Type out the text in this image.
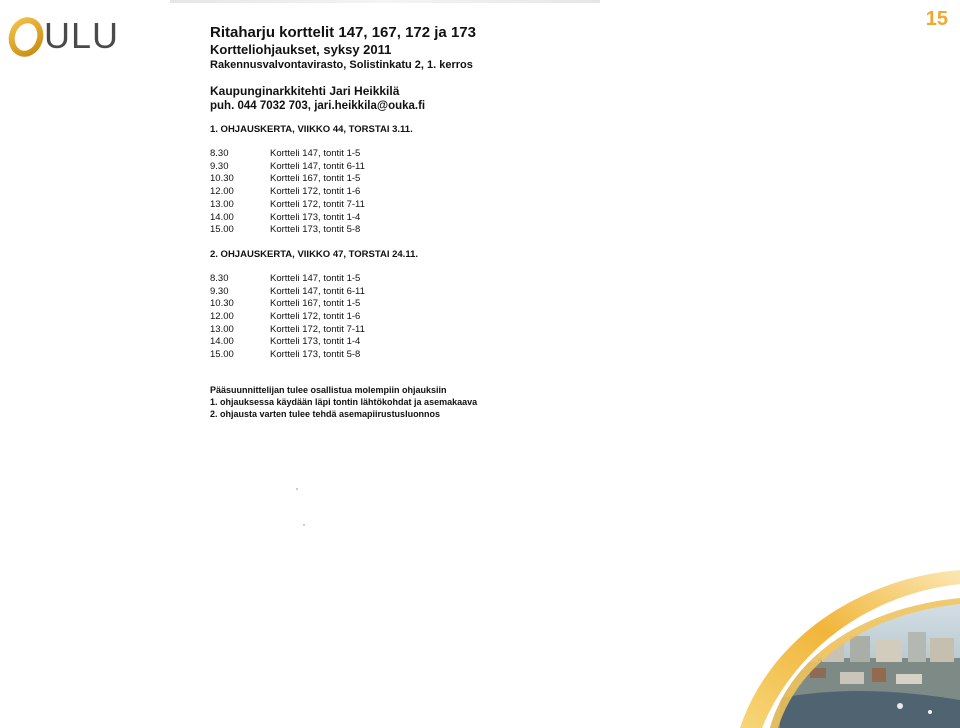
ULU	15

Ritaharju korttelit 147, 167, 172 ja 173

Kortteliohjaukset, syksy 2011

Rakennusvalvontavirasto, Solistinkatu 2, 1. kerros

Kaupunginarkkitehti Jari Heikkilä
puh. 044 7032 703, jari.heikkila@ouka.fi
1. OHJAUSKERTA, VIIKKO 44, TORSTAI 3.11.
8.30	Kortteli 147, tontit 1-5
9.30	Kortteli 147, tontit 6-11
10.30	Kortteli 167, tontit 1-5
12.00	Kortteli 172, tontit 1-6
13.00	Kortteli 172, tontit 7-11
14.00	Kortteli 173, tontit 1-4
15.00	Kortteli 173, tontit 5-8
2. OHJAUSKERTA, VIIKKO 47, TORSTAI 24.11.
8.30	Kortteli 147, tontit 1-5
9.30	Kortteli 147, tontit 6-11
10.30	Kortteli 167, tontit 1-5
12.00	Kortteli 172, tontit 1-6
13.00	Kortteli 172, tontit 7-11
14.00	Kortteli 173, tontit 1-4
15.00	Kortteli 173, tontit 5-8
Pääsuunnittelijan tulee osallistua molempiin ohjauksiin
1. ohjauksessa käydään läpi tontin lähtökohdat ja asemakaava
2. ohjausta varten tulee tehdä asemapiirustusluonnos
